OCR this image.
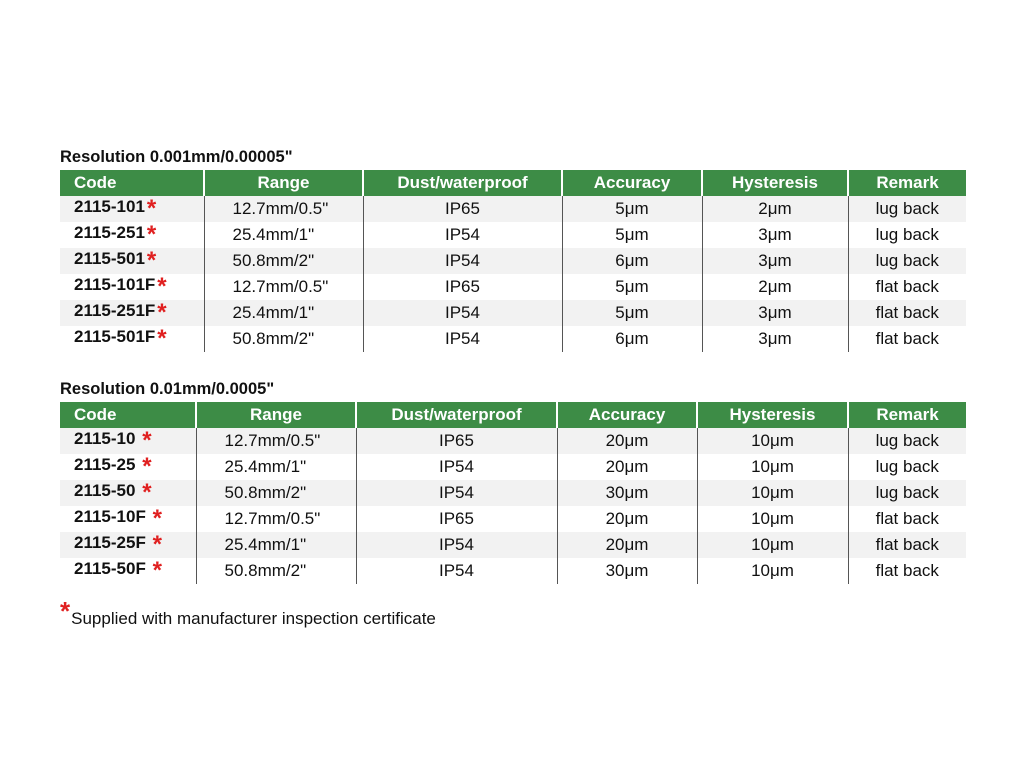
Resolution 0.001mm/0.00005"
Code	Range	Dust/waterproof	Accuracy	Hysteresis	Remark
2115-101*	12.7mm/0.5"	IP65	5μm	2μm	lug back
2115-251*	25.4mm/1"	IP54	5μm	3μm	lug back
2115-501*	50.8mm/2"	IP54	6μm	3μm	lug back
2115-101F*	12.7mm/0.5"	IP65	5μm	2μm	flat back
2115-251F*	25.4mm/1"	IP54	5μm	3μm	flat back
2115-501F*	50.8mm/2"	IP54	6μm	3μm	flat back
Resolution 0.01mm/0.0005"
Code	Range	Dust/waterproof	Accuracy	Hysteresis	Remark
2115-10 *	12.7mm/0.5"	IP65	20μm	10μm	lug back
2115-25 *	25.4mm/1"	IP54	20μm	10μm	lug back
2115-50 *	50.8mm/2"	IP54	30μm	10μm	lug back
2115-10F *	12.7mm/0.5"	IP65	20μm	10μm	flat back
2115-25F *	25.4mm/1"	IP54	20μm	10μm	flat back
2115-50F *	50.8mm/2"	IP54	30μm	10μm	flat back
*Supplied with manufacturer inspection certificate
